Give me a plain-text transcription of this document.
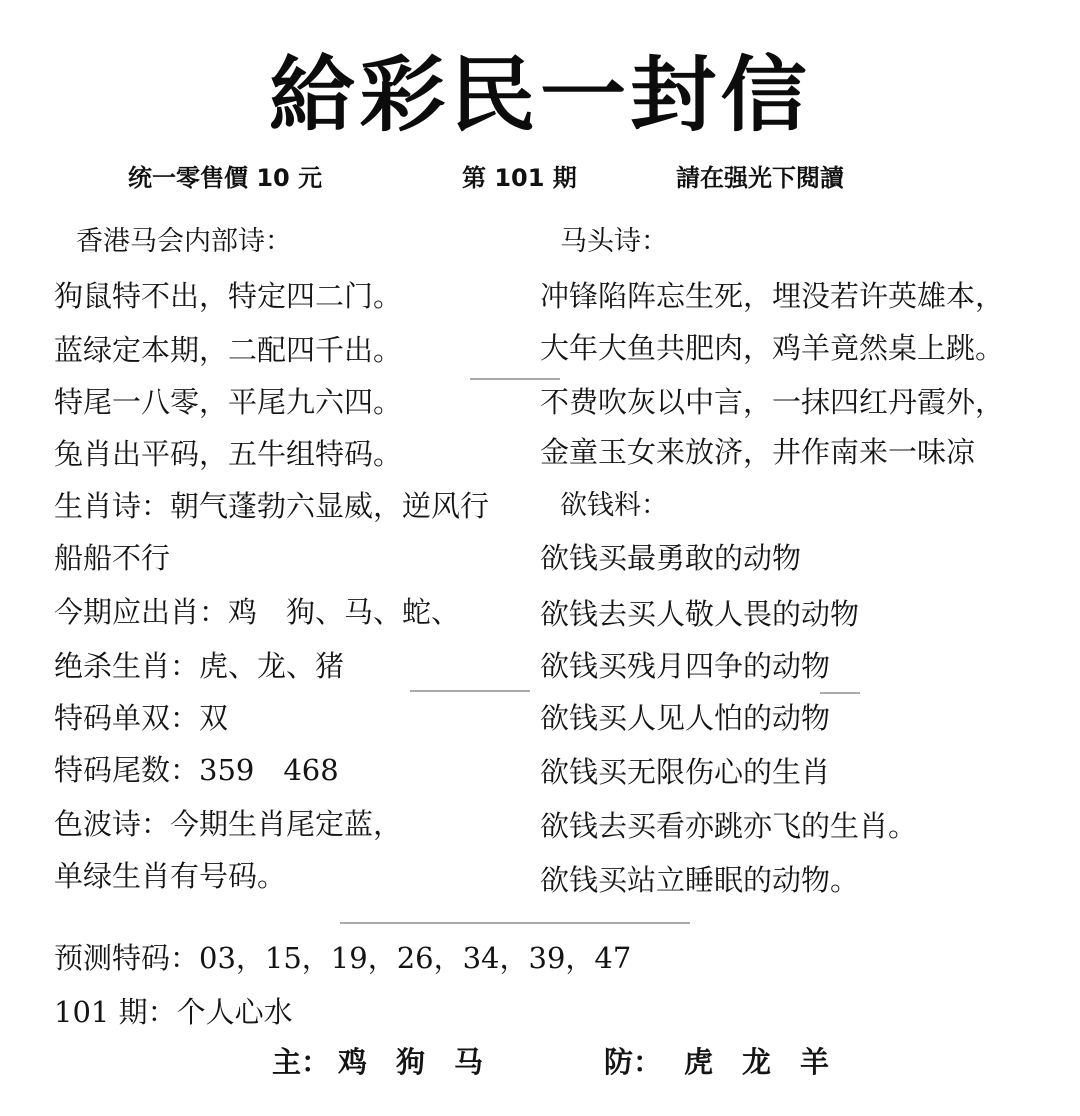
給彩民一封信
统一零售價 10 元	第 101 期	請在强光下閱讀
香港马会内部诗：
狗鼠特不出，特定四二门。
蓝绿定本期，二配四千出。
特尾一八零，平尾九六四。
兔肖出平码，五牛组特码。
生肖诗：朝气蓬勃六显威，逆风行
船船不行
今期应出肖：鸡　狗、马、蛇、
绝杀生肖：虎、龙、猪
特码单双：双
特码尾数：359　468
色波诗：今期生肖尾定蓝，
单绿生肖有号码。
马头诗：
冲锋陷阵忘生死，埋没若许英雄本，
大年大鱼共肥肉，鸡羊竟然桌上跳。
不费吹灰以中言，一抹四红丹霞外，
金童玉女来放济，井作南来一味凉
欲钱料：
欲钱买最勇敢的动物
欲钱去买人敬人畏的动物
欲钱买残月四争的动物
欲钱买人见人怕的动物
欲钱买无限伤心的生肖
欲钱去买看亦跳亦飞的生肖。
欲钱买站立睡眠的动物。
预测特码：03，15，19，26，34，39，47
101 期：个人心水
主： 鸡　狗　马	防： 虎　龙　羊
